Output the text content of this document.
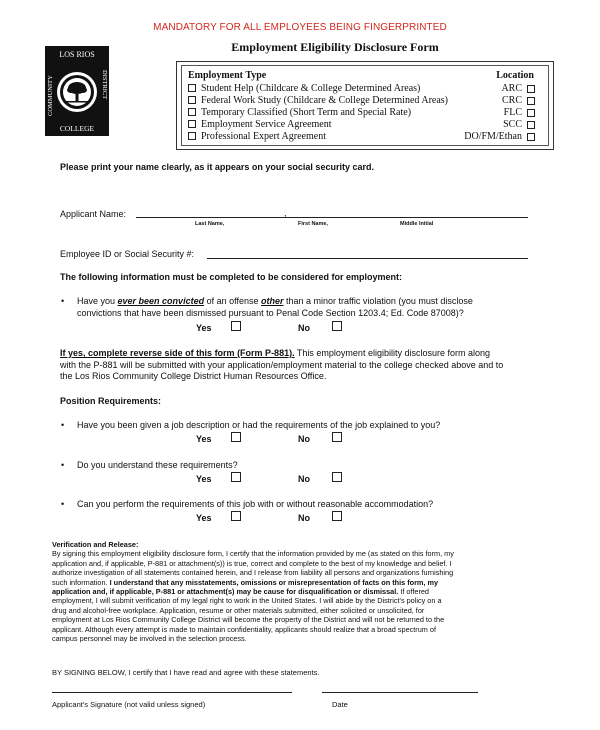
MANDATORY FOR ALL EMPLOYEES BEING FINGERPRINTED
Employment Eligibility Disclosure Form
LOS RIOS
COLLEGE
COMMUNITY	DISTRICT	Employment Type	Location
Student Help (Childcare & College Determined Areas)	ARC
Federal Work Study (Childcare & College Determined Areas)	CRC
Temporary Classified (Short Term and Special Rate)	FLC
Employment Service Agreement	SCC
Professional Expert Agreement	DO/FM/Ethan
Please print your name clearly, as it appears on your social security card.
Applicant Name:	,
Last Name,	First Name,	Middle Initial
Employee ID or Social Security #:
The following information must be completed to be considered for employment:
• Have you ever been convicted of an offense other than a minor traffic violation (you must disclose
convictions that have been dismissed pursuant to Penal Code Section 1203.4; Ed. Code 87008)?
Yes	No
If yes, complete reverse side of this form (Form P-881). This employment eligibility disclosure form along
with the P-881 will be submitted with your application/employment material to the college checked above and to
the Los Rios Community College District Human Resources Office.
Position Requirements:
• Have you been given a job description or had the requirements of the job explained to you?
Yes	No
• Do you understand these requirements?
Yes	No
• Can you perform the requirements of this job with or without reasonable accommodation?
Yes	No
Verification and Release:
By signing this employment eligibility disclosure form, I certify that the information provided by me (as stated on this form, my
application and, if applicable, P-881 or attachment(s)) is true, correct and complete to the best of my knowledge and belief. I
authorize investigation of all statements contained herein, and I release from liability all persons and organizations furnishing
such information. I understand that any misstatements, omissions or misrepresentation of facts on this form, my
application and, if applicable, P-881 or attachment(s) may be cause for disqualification or dismissal. If offered
employment, I will submit verification of my legal right to work in the United States. I will abide by the District's policy on a
drug and alcohol-free workplace. Application, resume or other materials submitted, either solicited or unsolicited, for
employment at Los Rios Community College District will become the property of the District and will not be returned to the
applicant. Although every attempt is made to maintain confidentiality, applicants should realize that a broad spectrum of
campus personnel may be involved in the selection process.
BY SIGNING BELOW, I certify that I have read and agree with these statements.
Applicant's Signature (not valid unless signed)	Date
